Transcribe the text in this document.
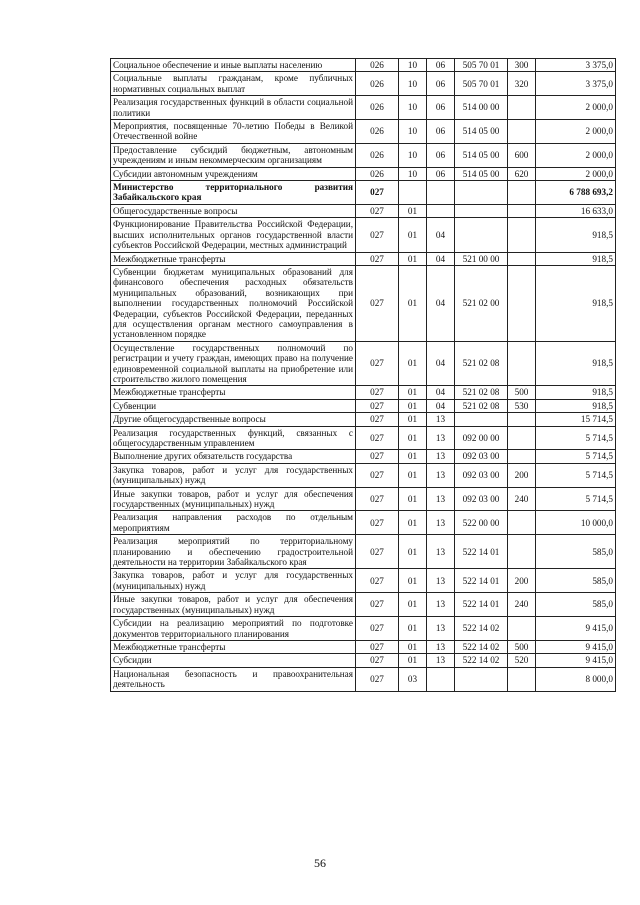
Социальное обеспечение и иные выплаты населению	026	10	06	505 70 01	300	3 375,0
Социальные выплаты гражданам, кроме публичных нормативных социальных выплат	026	10	06	505 70 01	320	3 375,0
Реализация государственных функций в области социальной политики	026	10	06	514 00 00		2 000,0
Мероприятия, посвященные 70-летию Победы в Великой Отечественной войне	026	10	06	514 05 00		2 000,0
Предоставление субсидий бюджетным, автономным учреждениям и иным некоммерческим организациям	026	10	06	514 05 00	600	2 000,0
Субсидии автономным учреждениям	026	10	06	514 05 00	620	2 000,0
Министерство территориального развития Забайкальского края	027					6 788 693,2
Общегосударственные вопросы	027	01				16 633,0
Функционирование Правительства Российской Федерации, высших исполнительных органов государственной власти субъектов Российской Федерации, местных администраций	027	01	04			918,5
Межбюджетные трансферты	027	01	04	521 00 00		918,5
Субвенции бюджетам муниципальных образований для финансового обеспечения расходных обязательств муниципальных образований, возникающих при выполнении государственных полномочий Российской Федерации, субъектов Российской Федерации, переданных для осуществления органам местного самоуправления в установленном порядке	027	01	04	521 02 00		918,5
Осуществление государственных полномочий по регистрации и учету граждан, имеющих право на получение единовременной социальной выплаты на приобретение или строительство жилого помещения	027	01	04	521 02 08		918,5
Межбюджетные трансферты	027	01	04	521 02 08	500	918,5
Субвенции	027	01	04	521 02 08	530	918,5
Другие общегосударственные вопросы	027	01	13			15 714,5
Реализация государственных функций, связанных с общегосударственным управлением	027	01	13	092 00 00		5 714,5
Выполнение других обязательств государства	027	01	13	092 03 00		5 714,5
Закупка товаров, работ и услуг для государственных (муниципальных) нужд	027	01	13	092 03 00	200	5 714,5
Иные закупки товаров, работ и услуг для обеспечения государственных (муниципальных) нужд	027	01	13	092 03 00	240	5 714,5
Реализация направления расходов по отдельным мероприятиям	027	01	13	522 00 00		10 000,0
Реализация мероприятий по территориальному планированию и обеспечению градостроительной деятельности на территории Забайкальского края	027	01	13	522 14 01		585,0
Закупка товаров, работ и услуг для государственных (муниципальных) нужд	027	01	13	522 14 01	200	585,0
Иные закупки товаров, работ и услуг для обеспечения государственных (муниципальных) нужд	027	01	13	522 14 01	240	585,0
Субсидии на реализацию мероприятий по подготовке документов территориального планирования	027	01	13	522 14 02		9 415,0
Межбюджетные трансферты	027	01	13	522 14 02	500	9 415,0
Субсидии	027	01	13	522 14 02	520	9 415,0
Национальная безопасность и правоохранительная деятельность	027	03				8 000,0
56
